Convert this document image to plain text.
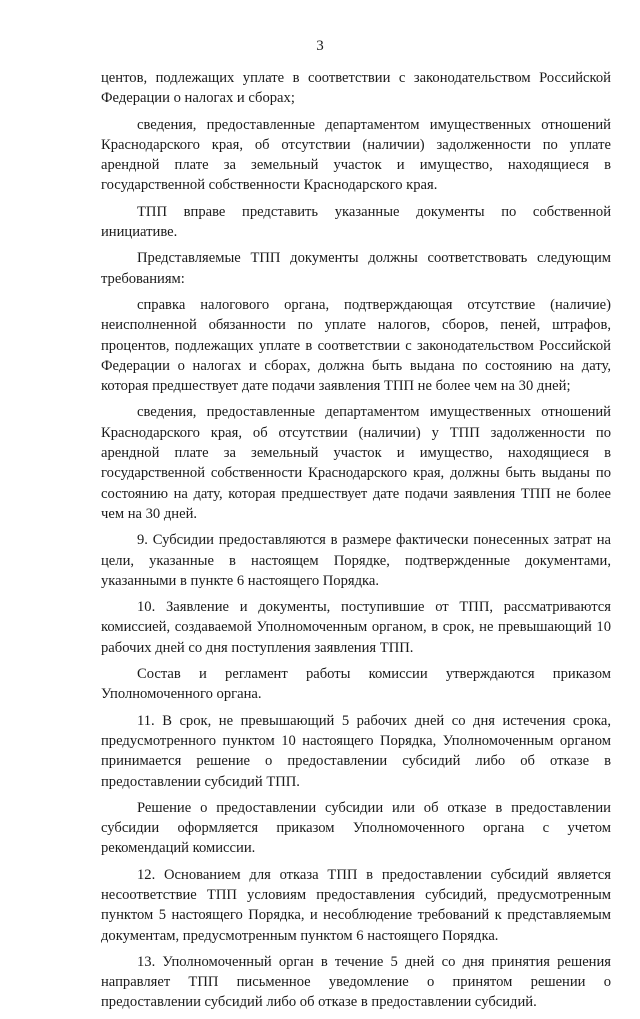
3

центов, подлежащих уплате в соответствии с законодательством Российской Федерации о налогах и сборах;

сведения, предоставленные департаментом имущественных отношений Краснодарского края, об отсутствии (наличии) задолженности по уплате арендной плате за земельный участок и имущество, находящиеся в государственной собственности Краснодарского края.

ТПП вправе представить указанные документы по собственной инициативе.

Представляемые ТПП документы должны соответствовать следующим требованиям:

справка налогового органа, подтверждающая отсутствие (наличие) неисполненной обязанности по уплате налогов, сборов, пеней, штрафов, процентов, подлежащих уплате в соответствии с законодательством Российской Федерации о налогах и сборах, должна быть выдана по состоянию на дату, которая предшествует дате подачи заявления ТПП не более чем на 30 дней;

сведения, предоставленные департаментом имущественных отношений Краснодарского края, об отсутствии (наличии) у ТПП задолженности по арендной плате за земельный участок и имущество, находящиеся в государственной собственности Краснодарского края, должны быть выданы по состоянию на дату, которая предшествует дате подачи заявления ТПП не более чем на 30 дней.

9. Субсидии предоставляются в размере фактически понесенных затрат на цели, указанные в настоящем Порядке, подтвержденные документами, указанными в пункте 6 настоящего Порядка.

10. Заявление и документы, поступившие от ТПП, рассматриваются комиссией, создаваемой Уполномоченным органом, в срок, не превышающий 10 рабочих дней со дня поступления заявления ТПП.

Состав и регламент работы комиссии утверждаются приказом Уполномоченного органа.

11. В срок, не превышающий 5 рабочих дней со дня истечения срока, предусмотренного пунктом 10 настоящего Порядка, Уполномоченным органом принимается решение о предоставлении субсидий либо об отказе в предоставлении субсидий ТПП.

Решение о предоставлении субсидии или об отказе в предоставлении субсидии оформляется приказом Уполномоченного органа с учетом рекомендаций комиссии.

12. Основанием для отказа ТПП в предоставлении субсидий является несоответствие ТПП условиям предоставления субсидий, предусмотренным пунктом 5 настоящего Порядка, и несоблюдение требований к представляемым документам, предусмотренным пунктом 6 настоящего Порядка.

13. Уполномоченный орган в течение 5 дней со дня принятия решения направляет ТПП письменное уведомление о принятом решении о предоставлении субсидий либо об отказе в предоставлении субсидий.
